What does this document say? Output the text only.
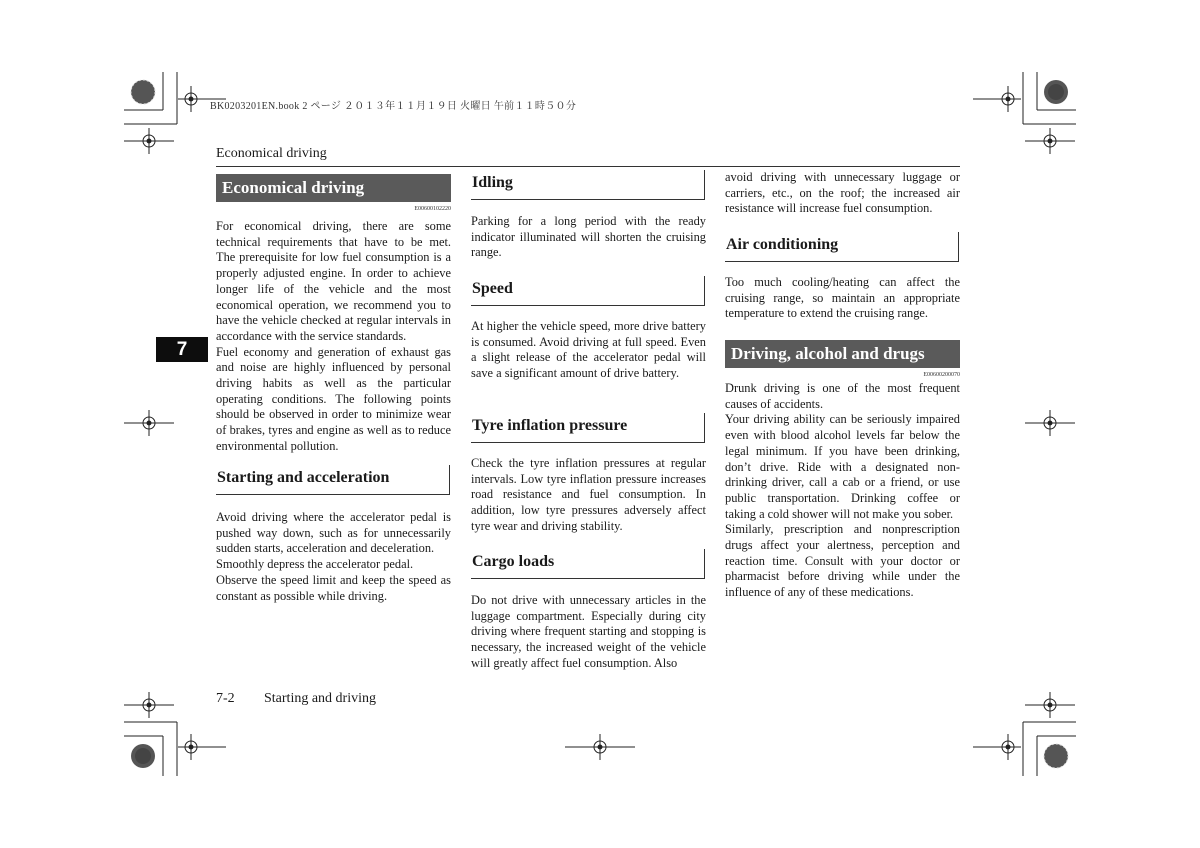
BK0203201EN.book 2 ページ ２０１３年１１月１９日 火曜日 午前１１時５０分
Economical driving
7
Economical driving
E00600102220

For economical driving, there are some technical requirements that have to be met. The prerequisite for low fuel consumption is a properly adjusted engine. In order to achieve longer life of the vehicle and the most economical operation, we recommend you to have the vehicle checked at regular intervals in accordance with the service standards.

Fuel economy and generation of exhaust gas and noise are highly influenced by personal driving habits as well as the particular operating conditions. The following points should be observed in order to minimize wear of brakes, tyres and engine as well as to reduce environmental pollution.

Starting and acceleration

Avoid driving where the accelerator pedal is pushed way down, such as for unnecessarily sudden starts, acceleration and deceleration.

Smoothly depress the accelerator pedal.

Observe the speed limit and keep the speed as constant as possible while driving.

Idling

Parking for a long period with the ready indicator illuminated will shorten the cruising range.

Speed

At higher the vehicle speed, more drive battery is consumed. Avoid driving at full speed. Even a slight release of the accelerator pedal will save a significant amount of drive battery.

Tyre inflation pressure

Check the tyre inflation pressures at regular intervals. Low tyre inflation pressure increases road resistance and fuel consumption. In addition, low tyre pressures adversely affect tyre wear and driving stability.

Cargo loads

Do not drive with unnecessary articles in the luggage compartment. Especially during city driving where frequent starting and stopping is necessary, the increased weight of the vehicle will greatly affect fuel consumption. Also

avoid driving with unnecessary luggage or carriers, etc., on the roof; the increased air resistance will increase fuel consumption.

Air conditioning

Too much cooling/heating can affect the cruising range, so maintain an appropriate temperature to extend the cruising range.

Driving, alcohol and drugs
E00600200070

Drunk driving is one of the most frequent causes of accidents.

Your driving ability can be seriously impaired even with blood alcohol levels far below the legal minimum. If you have been drinking, don’t drive. Ride with a designated non-drinking driver, call a cab or a friend, or use public transportation. Drinking coffee or taking a cold shower will not make you sober.

Similarly, prescription and nonprescription drugs affect your alertness, perception and reaction time. Consult with your doctor or pharmacist before driving while under the influence of any of these medications.

7-2 Starting and driving
